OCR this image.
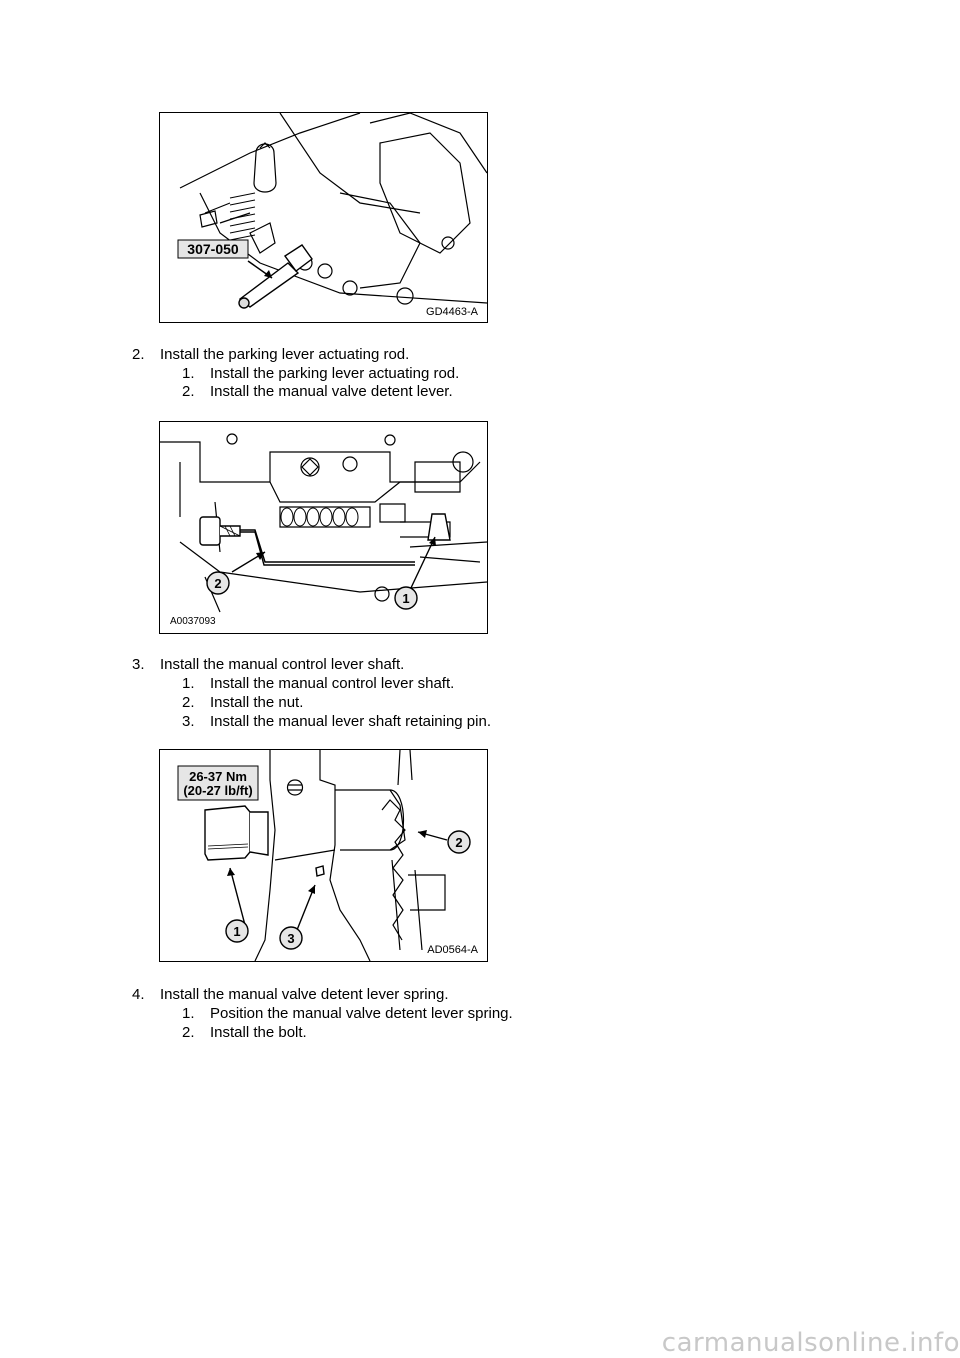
307-050
GD4463-A
2. Install the parking lever actuating rod.
1. Install the parking lever actuating rod.
2. Install the manual valve detent lever.
2
1
A0037093
3. Install the manual control lever shaft.
1. Install the manual control lever shaft.
2. Install the nut.
3. Install the manual lever shaft retaining pin.
26-37 Nm
(20-27 lb/ft)
1	3
2
AD0564-A
4. Install the manual valve detent lever spring.
1. Position the manual valve detent lever spring.
2. Install the bolt.
carmanualsonline.info
